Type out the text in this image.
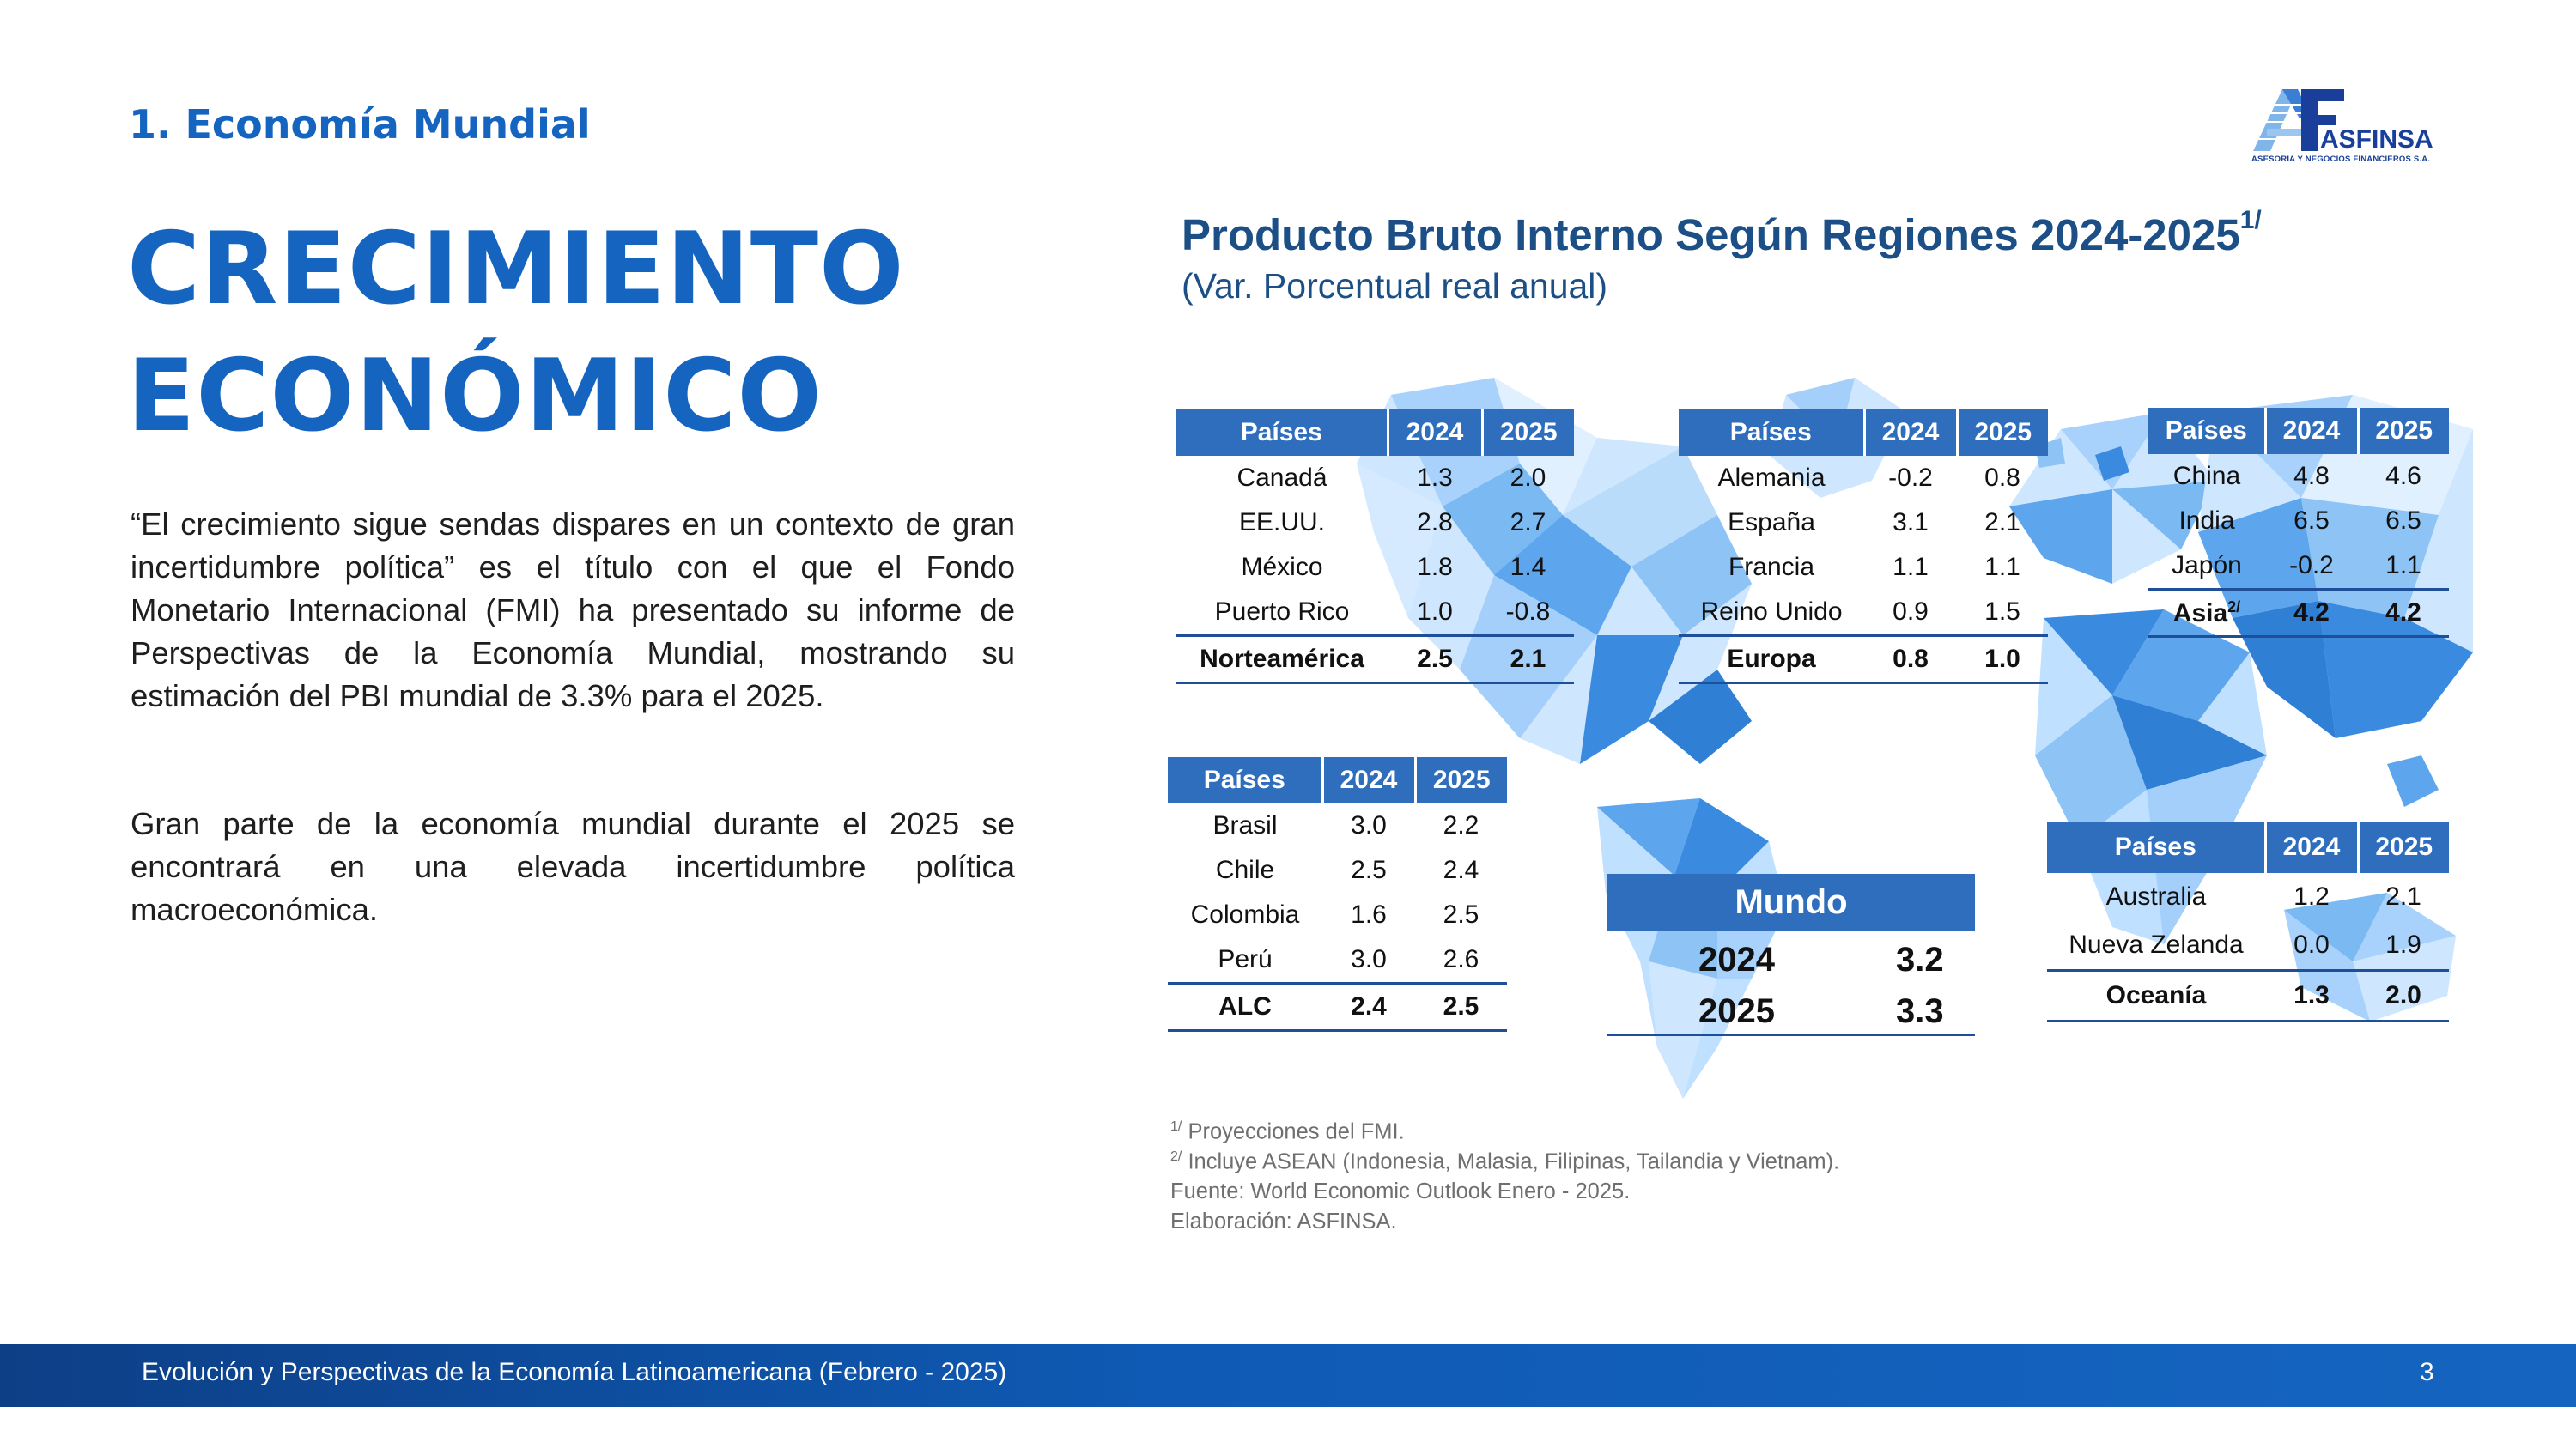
1. Economía Mundial
CRECIMIENTO
ECONÓMICO
“El crecimiento sigue sendas dispares en un contexto de gran incertidumbre política” es el título con el que el Fondo Monetario Internacional (FMI) ha presentado su informe de Perspectivas de la Economía Mundial, mostrando su estimación del PBI mundial de 3.3% para el 2025.
Gran parte de la economía mundial durante el 2025 se encontrará en una elevada incertidumbre política macroeconómica.
ASFINSA
ASESORIA Y NEGOCIOS FINANCIEROS S.A.
Producto Bruto Interno Según Regiones $2024-2025^{1/}$
(Var. Porcentual real anual)
Países	2024	2025
Canadá	1.3	2.0
EE.UU.	2.8	2.7
México	1.8	1.4
Puerto Rico	1.0	-0.8
Norteamérica	2.5	2.1
Países	2024	2025
Alemania	-0.2	0.8
España	3.1	2.1
Francia	1.1	1.1
Reino Unido	0.9	1.5
Europa	0.8	1.0
Países	2024	2025
China	4.8	4.6
India	6.5	6.5
Japón	-0.2	1.1
Asia$^{2/}$	4.2	4.2
Países	2024	2025
Brasil	3.0	2.2
Chile	2.5	2.4
Colombia	1.6	2.5
Perú	3.0	2.6
ALC	2.4	2.5
Países	2024	2025
Australia	1.2	2.1
Nueva Zelanda	0.0	1.9
Oceanía	1.3	2.0
Mundo
2024	3.2
2025	3.3
$^{1/}$ Proyecciones del FMI.
$^{2/}$ Incluye ASEAN (Indonesia, Malasia, Filipinas, Tailandia y Vietnam).
Fuente: World Economic Outlook Enero - 2025.
Elaboración: ASFINSA.
Evolución y Perspectivas de la Economía Latinoamericana (Febrero - 2025)	3
